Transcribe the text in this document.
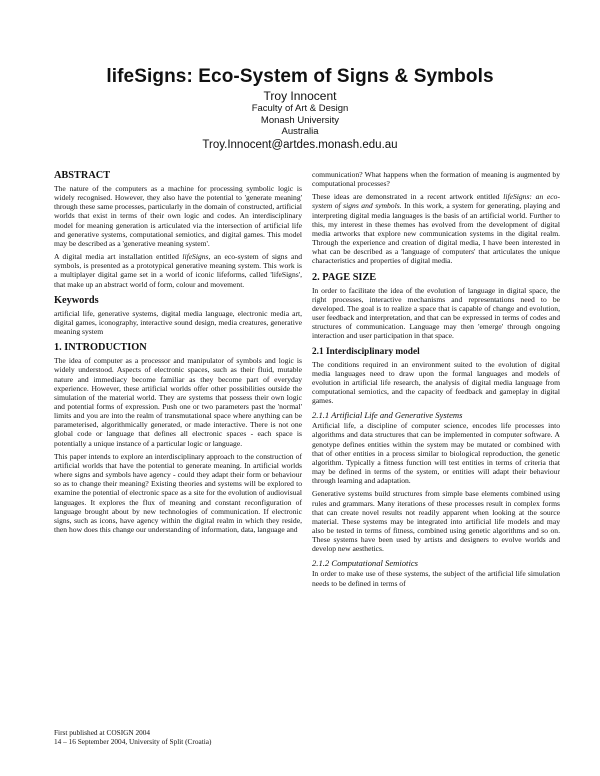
lifeSigns: Eco-System of Signs & Symbols
Troy Innocent
Faculty of Art & Design
Monash University
Australia
Troy.Innocent@artdes.monash.edu.au
ABSTRACT

The nature of the computers as a machine for processing symbolic logic is widely recognised. However, they also have the potential to 'generate meaning' through these same processes, particularly in the domain of constructed, artificial worlds that exist in terms of their own logic and codes. An interdisciplinary model for meaning generation is articulated via the intersection of artificial life and generative systems, computational semiotics, and digital games. This model may be described as a 'generative meaning system'.

A digital media art installation entitled lifeSigns, an eco-system of signs and symbols, is presented as a prototypical generative meaning system. This work is a multiplayer digital game set in a world of iconic lifeforms, called 'lifeSigns', that make up an abstract world of form, colour and movement.

Keywords

artificial life, generative systems, digital media language, electronic media art, digital games, iconography, interactive sound design, media creatures, generative meaning system

1. INTRODUCTION

The idea of computer as a processor and manipulator of symbols and logic is widely understood. Aspects of electronic spaces, such as their fluid, mutable nature and immediacy become familiar as they become part of everyday experience. However, these artificial worlds offer other possibilities outside the simulation of the material world. They are systems that possess their own logic and potential forms of expression. Push one or two parameters past the 'normal' limits and you are into the realm of transmutational space where anything can be parameterised, algorithmically generated, or made interactive. There is not one global code or language that defines all electronic spaces - each space is potentially a unique instance of a particular logic or language.

This paper intends to explore an interdisciplinary approach to the construction of artificial worlds that have the potential to generate meaning. In artificial worlds where signs and symbols have agency - could they adapt their form or behaviour so as to change their meaning? Existing theories and systems will be explored to examine the potential of electronic space as a site for the evolution of audiovisual languages. It explores the flux of meaning and constant reconfiguration of language brought about by new technologies of communication. If electronic signs, such as icons, have agency within the digital realm in which they reside, then how does this change our understanding of information, data, language and

First published at COSIGN 2004
14 – 16 September 2004, University of Split (Croatia)

communication? What happens when the formation of meaning is augmented by computational processes?

These ideas are demonstrated in a recent artwork entitled lifeSigns: an eco-system of signs and symbols. In this work, a system for generating, playing and interpreting digital media languages is the basis of an artificial world. Further to this, my interest in these themes has evolved from the development of digital media artworks that explore new communication systems in the digital realm. Through the experience and creation of digital media, I have been interested in what can be described as a 'language of computers' that articulates the unique characteristics and properties of digital media.

2. PAGE SIZE

In order to facilitate the idea of the evolution of language in digital space, the right processes, interactive mechanisms and representations need to be developed. The goal is to realize a space that is capable of change and evolution, user feedback and interpretation, and that can be expressed in terms of codes and structures of communication. Language may then 'emerge' through ongoing interaction and user participation in that space.

2.1 Interdisciplinary model

The conditions required in an environment suited to the evolution of digital media languages need to draw upon the formal languages and models of evolution in artificial life research, the analysis of digital media language from computational semiotics, and the capacity of feedback and gameplay in digital games.

2.1.1 Artificial Life and Generative Systems

Artificial life, a discipline of computer science, encodes life processes into algorithms and data structures that can be implemented in computer software. A genotype defines entities within the system may be mutated or combined with that of other entities in a process similar to biological reproduction, the genetic algorithm. Typically a fitness function will test entities in terms of criteria that may be defined in terms of the system, or entities will adapt their behaviour through learning and adaptation.

Generative systems build structures from simple base elements combined using rules and grammars. Many iterations of these processes result in complex forms that can create novel results not readily apparent when looking at the source material. These systems may be integrated into artificial life models and may also be tested in terms of fitness, combined using genetic algorithms and so on. These systems have been used by artists and designers to evolve worlds and develop new aesthetics.

2.1.2 Computational Semiotics

In order to make use of these systems, the subject of the artificial life simulation needs to be defined in terms of
